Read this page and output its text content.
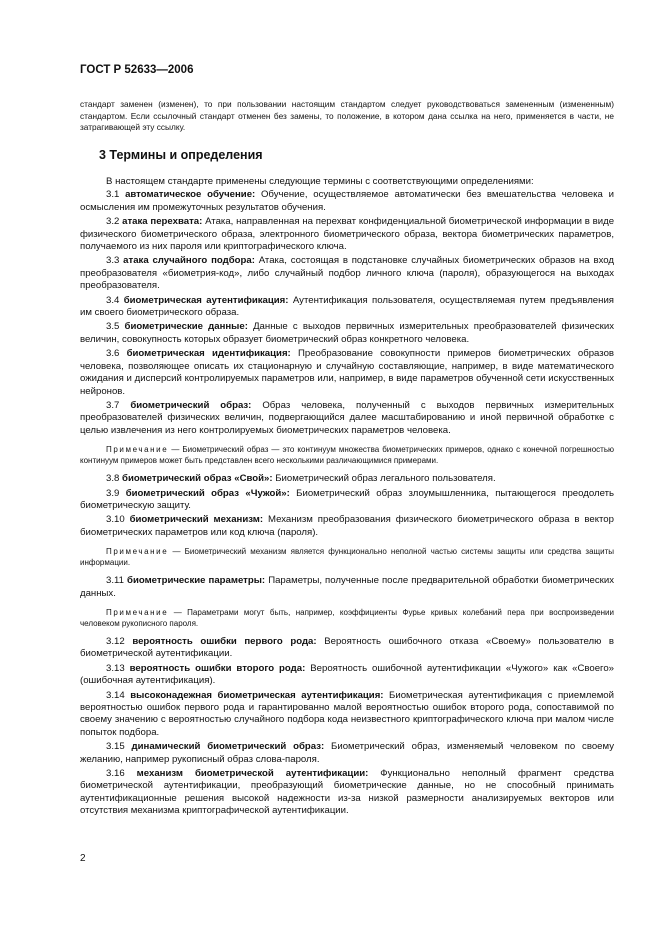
ГОСТ Р 52633—2006
стандарт заменен (изменен), то при пользовании настоящим стандартом следует руководствоваться замененным (измененным) стандартом. Если ссылочный стандарт отменен без замены, то положение, в котором дана ссылка на него, применяется в части, не затрагивающей эту ссылку.
3 Термины и определения

В настоящем стандарте применены следующие термины с соответствующими определениями:

3.1 автоматическое обучение: Обучение, осуществляемое автоматически без вмешательства человека и осмысления им промежуточных результатов обучения.

3.2 атака перехвата: Атака, направленная на перехват конфиденциальной биометрической информации в виде физического биометрического образа, электронного биометрического образа, вектора биометрических параметров, получаемого из них пароля или криптографического ключа.

3.3 атака случайного подбора: Атака, состоящая в подстановке случайных биометрических образов на вход преобразователя «биометрия-код», либо случайный подбор личного ключа (пароля), образующегося на выходах преобразователя.

3.4 биометрическая аутентификация: Аутентификация пользователя, осуществляемая путем предъявления им своего биометрического образа.

3.5 биометрические данные: Данные с выходов первичных измерительных преобразователей физических величин, совокупность которых образует биометрический образ конкретного человека.

3.6 биометрическая идентификация: Преобразование совокупности примеров биометрических образов человека, позволяющее описать их стационарную и случайную составляющие, например, в виде математического ожидания и дисперсий контролируемых параметров или, например, в виде параметров обученной сети искусственных нейронов.

3.7 биометрический образ: Образ человека, полученный с выходов первичных измерительных преобразователей физических величин, подвергающийся далее масштабированию и иной первичной обработке с целью извлечения из него контролируемых биометрических параметров человека.

Примечание — Биометрический образ — это континуум множества биометрических примеров, однако с конечной погрешностью континуум примеров может быть представлен всего несколькими различающимися примерами.

3.8 биометрический образ «Свой»: Биометрический образ легального пользователя.

3.9 биометрический образ «Чужой»: Биометрический образ злоумышленника, пытающегося преодолеть биометрическую защиту.

3.10 биометрический механизм: Механизм преобразования физического биометрического образа в вектор биометрических параметров или код ключа (пароля).

Примечание — Биометрический механизм является функционально неполной частью системы защиты или средства защиты информации.

3.11 биометрические параметры: Параметры, полученные после предварительной обработки биометрических данных.

Примечание — Параметрами могут быть, например, коэффициенты Фурье кривых колебаний пера при воспроизведении человеком рукописного пароля.

3.12 вероятность ошибки первого рода: Вероятность ошибочного отказа «Своему» пользователю в биометрической аутентификации.

3.13 вероятность ошибки второго рода: Вероятность ошибочной аутентификации «Чужого» как «Своего» (ошибочная аутентификация).

3.14 высоконадежная биометрическая аутентификация: Биометрическая аутентификация с приемлемой вероятностью ошибок первого рода и гарантированно малой вероятностью ошибок второго рода, сопоставимой по своему значению с вероятностью случайного подбора кода неизвестного криптографического ключа при малом числе попыток подбора.

3.15 динамический биометрический образ: Биометрический образ, изменяемый человеком по своему желанию, например рукописный образ слова-пароля.

3.16 механизм биометрической аутентификации: Функционально неполный фрагмент средства биометрической аутентификации, преобразующий биометрические данные, но не способный принимать аутентификационные решения высокой надежности из-за низкой размерности анализируемых векторов или отсутствия механизма криптографической аутентификации.

2
